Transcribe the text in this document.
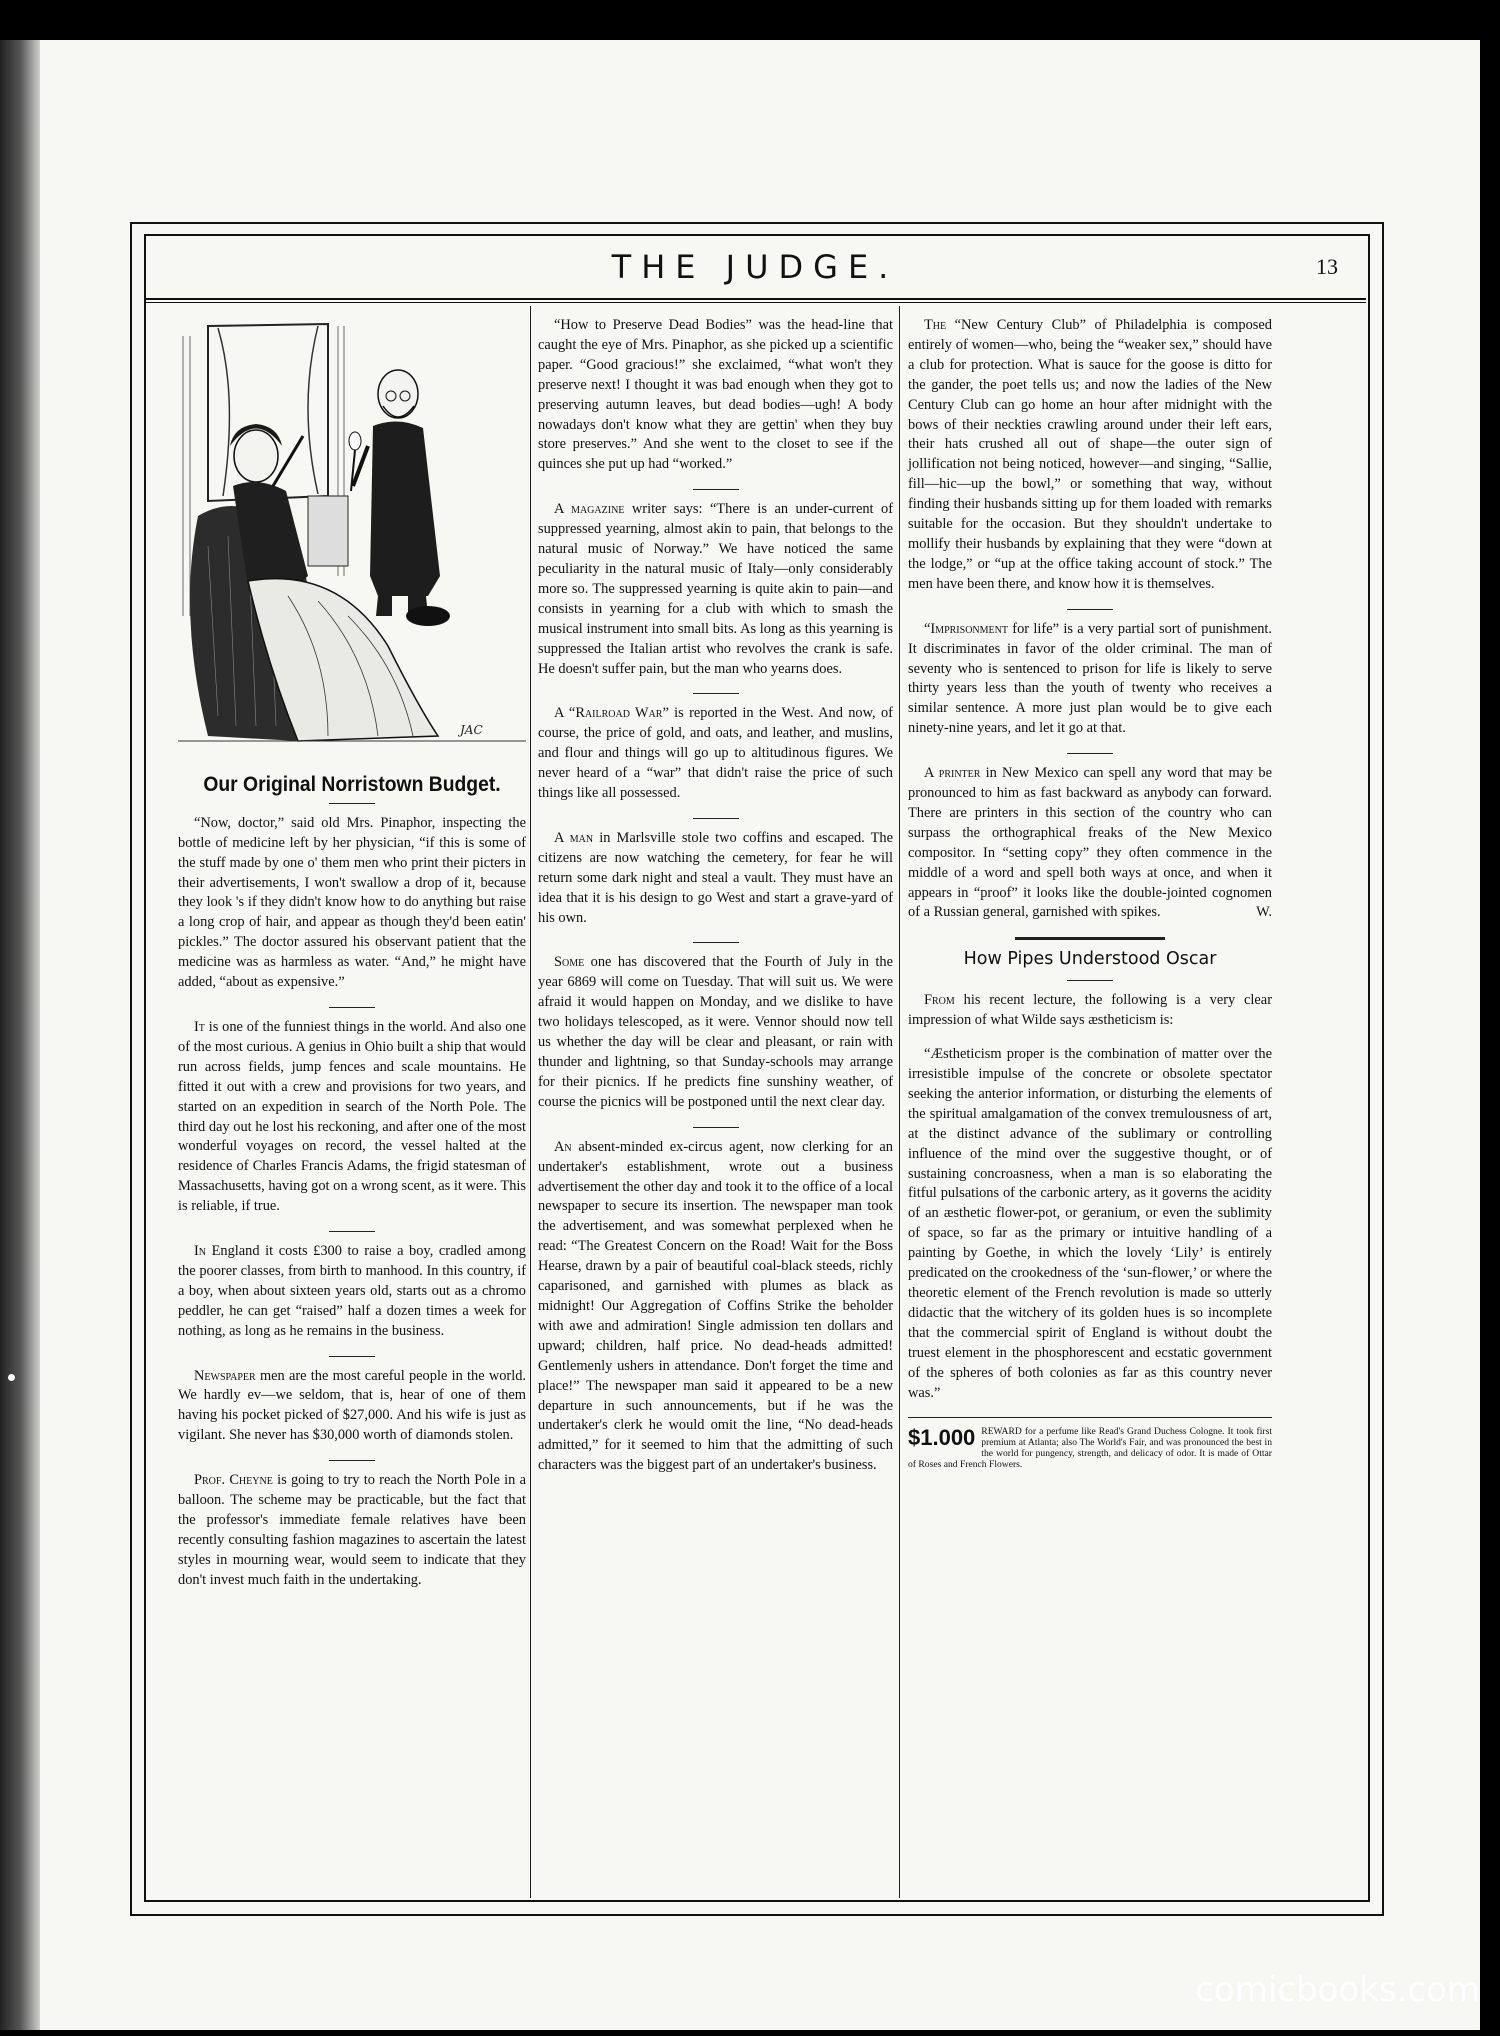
THE JUDGE.	13
JAC
Our Original Norristown Budget.

“Now, doctor,” said old Mrs. Pinaphor, inspecting the bottle of medicine left by her physician, “if this is some of the stuff made by one o' them men who print their picters in their advertisements, I won't swallow a drop of it, because they look 's if they didn't know how to do anything but raise a long crop of hair, and appear as though they'd been eatin' pickles.” The doctor assured his observant patient that the medicine was as harmless as water. “And,” he might have added, “about as expensive.”

It is one of the funniest things in the world. And also one of the most curious. A genius in Ohio built a ship that would run across fields, jump fences and scale mountains. He fitted it out with a crew and provisions for two years, and started on an expedition in search of the North Pole. The third day out he lost his reckoning, and after one of the most wonderful voyages on record, the vessel halted at the residence of Charles Francis Adams, the frigid statesman of Massachusetts, having got on a wrong scent, as it were. This is reliable, if true.

In England it costs £300 to raise a boy, cradled among the poorer classes, from birth to manhood. In this country, if a boy, when about sixteen years old, starts out as a chromo peddler, he can get “raised” half a dozen times a week for nothing, as long as he remains in the business.

Newspaper men are the most careful people in the world. We hardly ev—we seldom, that is, hear of one of them having his pocket picked of $27,000. And his wife is just as vigilant. She never has $30,000 worth of diamonds stolen.

Prof. Cheyne is going to try to reach the North Pole in a balloon. The scheme may be practicable, but the fact that the professor's immediate female relatives have been recently consulting fashion magazines to ascertain the latest styles in mourning wear, would seem to indicate that they don't invest much faith in the undertaking.

“How to Preserve Dead Bodies” was the head-line that caught the eye of Mrs. Pinaphor, as she picked up a scientific paper. “Good gracious!” she exclaimed, “what won't they preserve next! I thought it was bad enough when they got to preserving autumn leaves, but dead bodies—ugh! A body nowadays don't know what they are gettin' when they buy store preserves.” And she went to the closet to see if the quinces she put up had “worked.”

A magazine writer says: “There is an under-current of suppressed yearning, almost akin to pain, that belongs to the natural music of Norway.” We have noticed the same peculiarity in the natural music of Italy—only considerably more so. The suppressed yearning is quite akin to pain—and consists in yearning for a club with which to smash the musical instrument into small bits. As long as this yearning is suppressed the Italian artist who revolves the crank is safe. He doesn't suffer pain, but the man who yearns does.

A “Railroad War” is reported in the West. And now, of course, the price of gold, and oats, and leather, and muslins, and flour and things will go up to altitudinous figures. We never heard of a “war” that didn't raise the price of such things like all possessed.

A man in Marlsville stole two coffins and escaped. The citizens are now watching the cemetery, for fear he will return some dark night and steal a vault. They must have an idea that it is his design to go West and start a grave-yard of his own.

Some one has discovered that the Fourth of July in the year 6869 will come on Tuesday. That will suit us. We were afraid it would happen on Monday, and we dislike to have two holidays telescoped, as it were. Vennor should now tell us whether the day will be clear and pleasant, or rain with thunder and lightning, so that Sunday-schools may arrange for their picnics. If he predicts fine sunshiny weather, of course the picnics will be postponed until the next clear day.

An absent-minded ex-circus agent, now clerking for an undertaker's establishment, wrote out a business advertisement the other day and took it to the office of a local newspaper to secure its insertion. The newspaper man took the advertisement, and was somewhat perplexed when he read: “The Greatest Concern on the Road! Wait for the Boss Hearse, drawn by a pair of beautiful coal-black steeds, richly caparisoned, and garnished with plumes as black as midnight! Our Aggregation of Coffins Strike the beholder with awe and admiration! Single admission ten dollars and upward; children, half price. No dead-heads admitted! Gentlemenly ushers in attendance. Don't forget the time and place!” The newspaper man said it appeared to be a new departure in such announcements, but if he was the undertaker's clerk he would omit the line, “No dead-heads admitted,” for it seemed to him that the admitting of such characters was the biggest part of an undertaker's business.

The “New Century Club” of Philadelphia is composed entirely of women—who, being the “weaker sex,” should have a club for protection. What is sauce for the goose is ditto for the gander, the poet tells us; and now the ladies of the New Century Club can go home an hour after midnight with the bows of their neckties crawling around under their left ears, their hats crushed all out of shape—the outer sign of jollification not being noticed, however—and singing, “Sallie, fill—hic—up the bowl,” or something that way, without finding their husbands sitting up for them loaded with remarks suitable for the occasion. But they shouldn't undertake to mollify their husbands by explaining that they were “down at the lodge,” or “up at the office taking account of stock.” The men have been there, and know how it is themselves.

“Imprisonment for life” is a very partial sort of punishment. It discriminates in favor of the older criminal. The man of seventy who is sentenced to prison for life is likely to serve thirty years less than the youth of twenty who receives a similar sentence. A more just plan would be to give each ninety-nine years, and let it go at that.

A printer in New Mexico can spell any word that may be pronounced to him as fast backward as anybody can forward. There are printers in this section of the country who can surpass the orthographical freaks of the New Mexico compositor. In “setting copy” they often commence in the middle of a word and spell both ways at once, and when it appears in “proof” it looks like the double-jointed cognomen of a Russian general, garnished with spikes.	W.

How Pipes Understood Oscar

From his recent lecture, the following is a very clear impression of what Wilde says æstheticism is:

“Æstheticism proper is the combination of matter over the irresistible impulse of the concrete or obsolete spectator seeking the anterior information, or disturbing the elements of the spiritual amalgamation of the convex tremulousness of art, at the distinct advance of the sublimary or controlling influence of the mind over the suggestive thought, or of sustaining concroasness, when a man is so elaborating the fitful pulsations of the carbonic artery, as it governs the acidity of an æsthetic flower-pot, or geranium, or even the sublimity of space, so far as the primary or intuitive handling of a painting by Goethe, in which the lovely ‘Lily’ is entirely predicated on the crookedness of the ‘sun-flower,’ or where the theoretic element of the French revolution is made so utterly didactic that the witchery of its golden hues is so incomplete that the commercial spirit of England is without doubt the truest element in the phosphorescent and ecstatic government of the spheres of both colonies as far as this country never was.”

$1.000 REWARD for a perfume like Read's Grand Duchess Cologne. It took first premium at Atlanta; also The World's Fair, and was pronounced the best in the world for pungency, strength, and delicacy of odor. It is made of Ottar of Roses and French Flowers.
comicbooks.com
